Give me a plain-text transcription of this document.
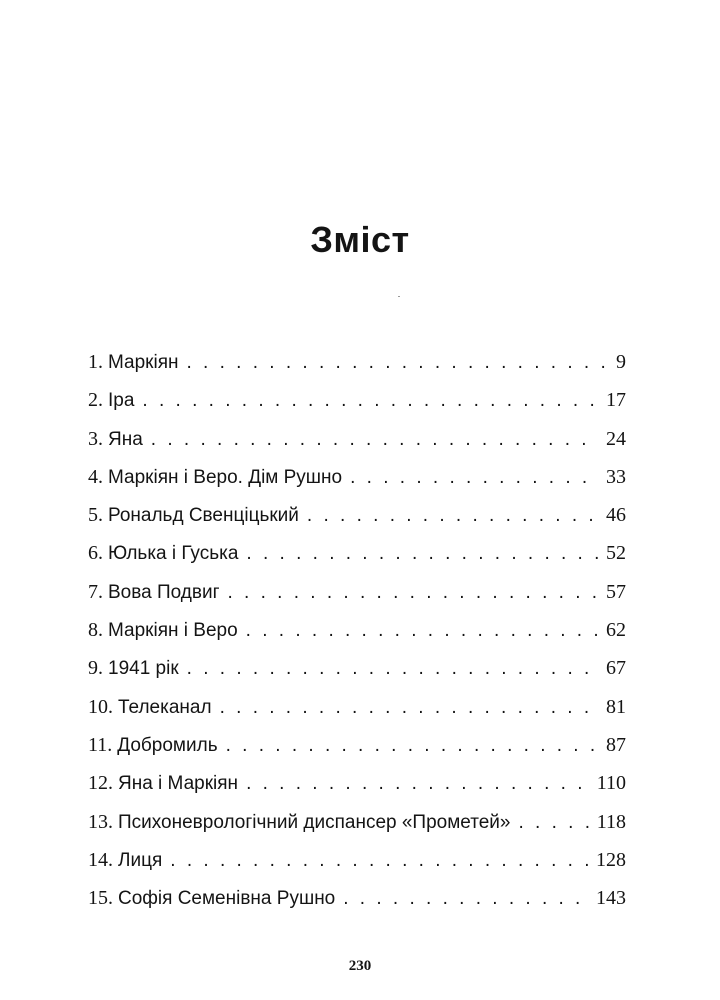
Зміст
1.
Маркіян . . .	9
2.
Іра . . .	17
3.
Яна . . .	24
4.
Маркіян і Веро. Дім Рушно . . .	33
5.
Рональд Свенціцький . . .	46
6.
Юлька і Гуська . . .	52
7.
Вова Подвиг . . .	57
8.
Маркіян і Веро . . .	62
9.
1941 рік . . .	67
10.
Телеканал . . .	81
11.
Добромиль . . .	87
12.
Яна і Маркіян . . .	110
13.
Психоневрологічний диспансер «Прометей» . . .	118
14.
Лиця . . .	128
15.
Софія Семенівна Рушно . . .	143
230
